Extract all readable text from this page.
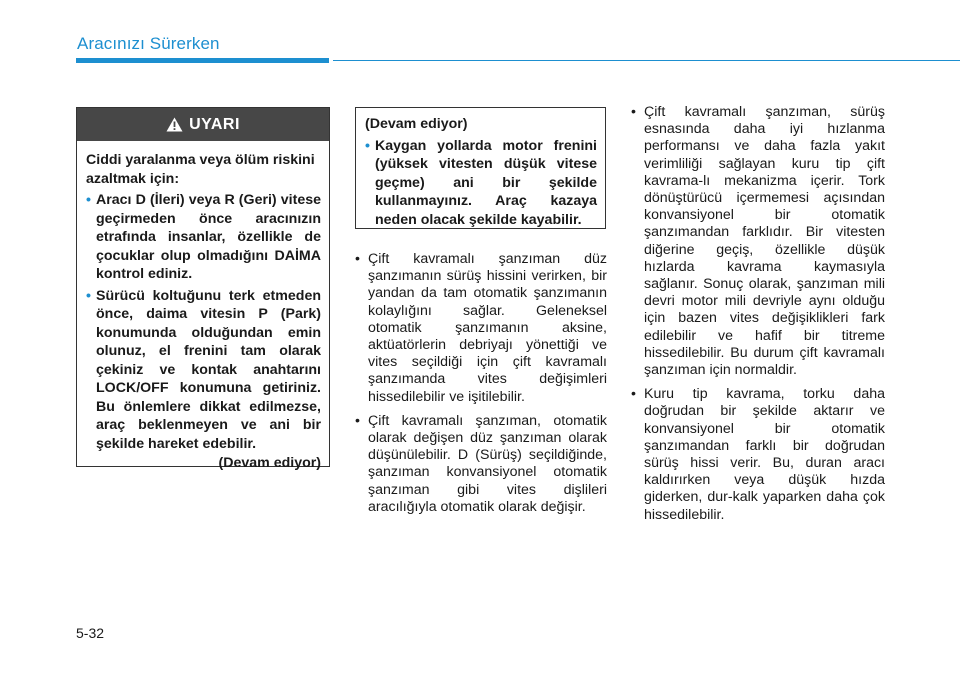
Aracınızı Sürerken
UYARI
Ciddi yaralanma veya ölüm riskini azaltmak için:
• Aracı D (İleri) veya R (Geri) vitese geçirmeden önce aracınızın etrafında insanlar, özellikle de çocuklar olup olmadığını DAİMA kontrol ediniz.
• Sürücü koltuğunu terk etmeden önce, daima vitesin P (Park) konumunda olduğundan emin olunuz, el frenini tam olarak çekiniz ve kontak anahtarını LOCK/OFF konumuna getiriniz. Bu önlemlere dikkat edilmezse, araç beklenmeyen ve ani bir şekilde hareket edebilir.
(Devam ediyor)
(Devam ediyor)
• Kaygan yollarda motor frenini (yüksek vitesten düşük vitese geçme) ani bir şekilde kullanmayınız. Araç kazaya neden olacak şekilde kayabilir.
• Çift kavramalı şanzıman düz şanzımanın sürüş hissini verirken, bir yandan da tam otomatik şanzımanın kolaylığını sağlar. Geleneksel otomatik şanzımanın aksine, aktüatörlerin debriyajı yönettiği ve vites seçildiği için çift kavramalı şanzımanda vites değişimleri hissedilebilir ve işitilebilir.
• Çift kavramalı şanzıman, otomatik olarak değişen düz şanzıman olarak düşünülebilir. D (Sürüş) seçildiğinde, şanzıman konvansiyonel otomatik şanzıman gibi vites dişlileri aracılığıyla otomatik olarak değişir.
• Çift kavramalı şanzıman, sürüş esnasında daha iyi hızlanma performansı ve daha fazla yakıt verimliliği sağlayan kuru tip çift kavrama-lı mekanizma içerir. Tork dönüştürücü içermemesi açısından konvansiyonel bir otomatik şanzımandan farklıdır. Bir vitesten diğerine geçiş, özellikle düşük hızlarda kavrama kaymasıyla sağlanır. Sonuç olarak, şanzıman mili devri motor mili devriyle aynı olduğu için bazen vites değişiklikleri fark edilebilir ve hafif bir titreme hissedilebilir. Bu durum çift kavramalı şanzıman için normaldir.
• Kuru tip kavrama, torku daha doğrudan bir şekilde aktarır ve konvansiyonel bir otomatik şanzımandan farklı bir doğrudan sürüş hissi verir. Bu, duran aracı kaldırırken veya düşük hızda giderken, dur-kalk yaparken daha çok hissedilebilir.
5-32
